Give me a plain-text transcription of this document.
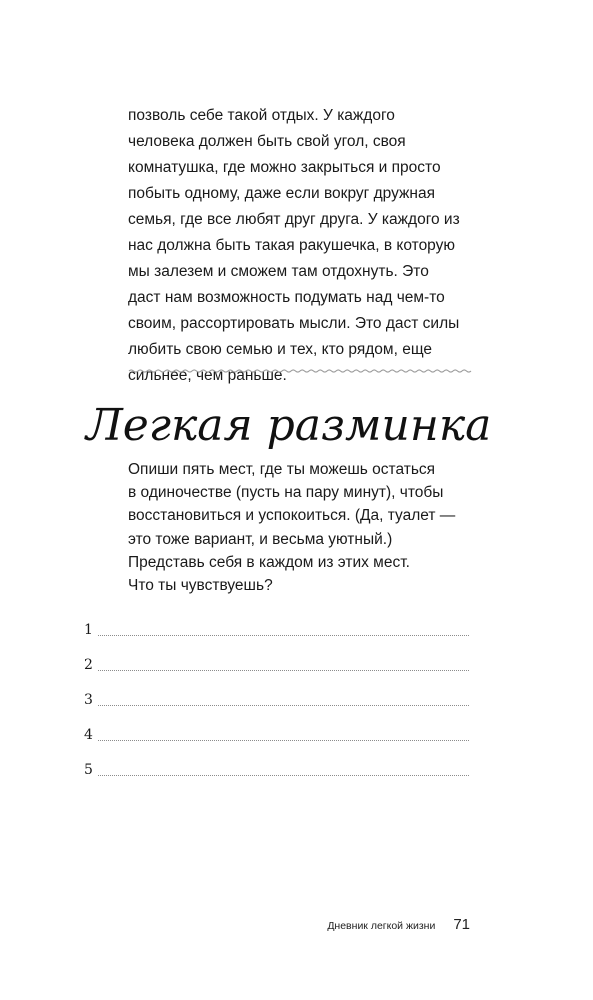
позволь себе такой отдых. У каждого
человека должен быть свой угол, своя
комнатушка, где можно закрыться и просто
побыть одному, даже если вокруг дружная
семья, где все любят друг друга. У каждого из
нас должна быть такая ракушечка, в которую
мы залезем и сможем там отдохнуть. Это
даст нам возможность подумать над чем-то
своим, рассортировать мысли. Это даст силы
любить свою семью и тех, кто рядом, еще
сильнее, чем раньше.

Легкая разминка

Опиши пять мест, где ты можешь остаться
в одиночестве (пусть на пару минут), чтобы
восстановиться и успокоиться. (Да, туалет —
это тоже вариант, и весьма уютный.)
Представь себя в каждом из этих мест.
Что ты чувствуешь?

1
2
3
4
5
Дневник легкой жизни 71
